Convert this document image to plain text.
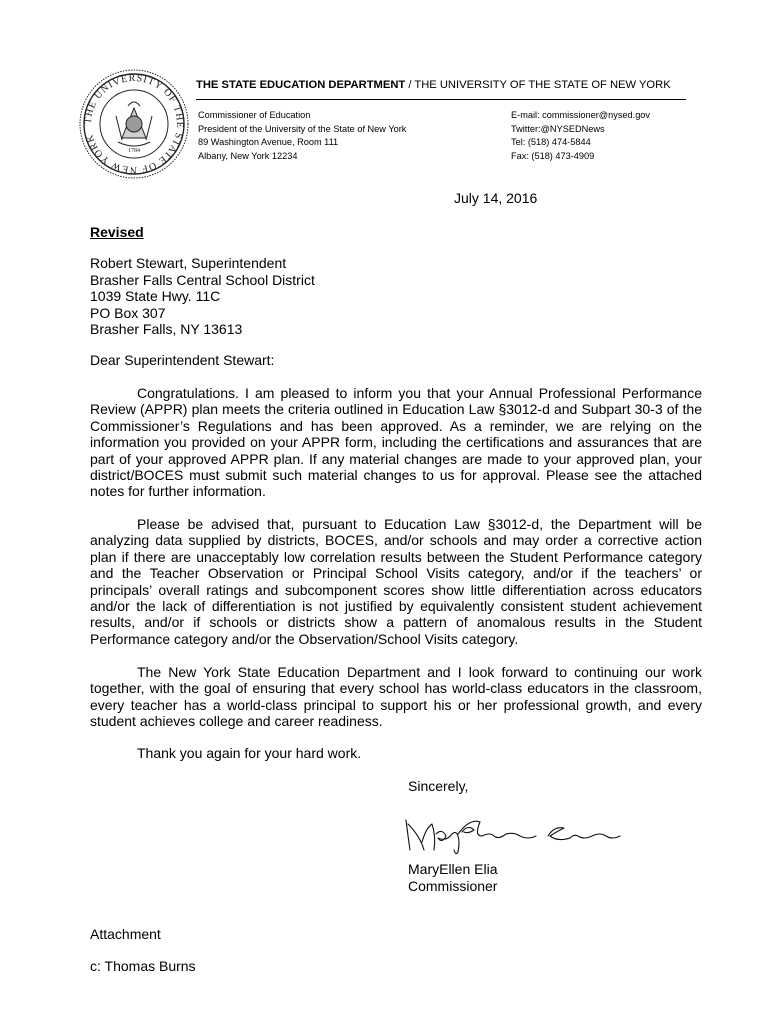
THE UNIVERSITY OF THE STATE OF NEW YORK
1784
THE STATE EDUCATION DEPARTMENT / THE UNIVERSITY OF THE STATE OF NEW YORK
Commissioner of Education
President of the University of the State of New York
89 Washington Avenue, Room 111
Albany, New York 12234
E-mail: commissioner@nysed.gov
Twitter:@NYSEDNews
Tel: (518) 474-5844
Fax: (518) 473-4909
July 14, 2016
Revised
Robert Stewart, Superintendent
Brasher Falls Central School District
1039 State Hwy. 11C
PO Box 307
Brasher Falls, NY 13613
Dear Superintendent Stewart:

Congratulations. I am pleased to inform you that your Annual Professional Performance Review (APPR) plan meets the criteria outlined in Education Law §3012-d and Subpart 30-3 of the Commissioner’s Regulations and has been approved. As a reminder, we are relying on the information you provided on your APPR form, including the certifications and assurances that are part of your approved APPR plan. If any material changes are made to your approved plan, your district/BOCES must submit such material changes to us for approval. Please see the attached notes for further information.

Please be advised that, pursuant to Education Law §3012-d, the Department will be analyzing data supplied by districts, BOCES, and/or schools and may order a corrective action plan if there are unacceptably low correlation results between the Student Performance category and the Teacher Observation or Principal School Visits category, and/or if the teachers’ or principals’ overall ratings and subcomponent scores show little differentiation across educators and/or the lack of differentiation is not justified by equivalently consistent student achievement results, and/or if schools or districts show a pattern of anomalous results in the Student Performance category and/or the Observation/School Visits category.

The New York State Education Department and I look forward to continuing our work together, with the goal of ensuring that every school has world-class educators in the classroom, every teacher has a world-class principal to support his or her professional growth, and every student achieves college and career readiness.

Thank you again for your hard work.
Sincerely,
MaryEllen Elia
Commissioner
Attachment
c: Thomas Burns
